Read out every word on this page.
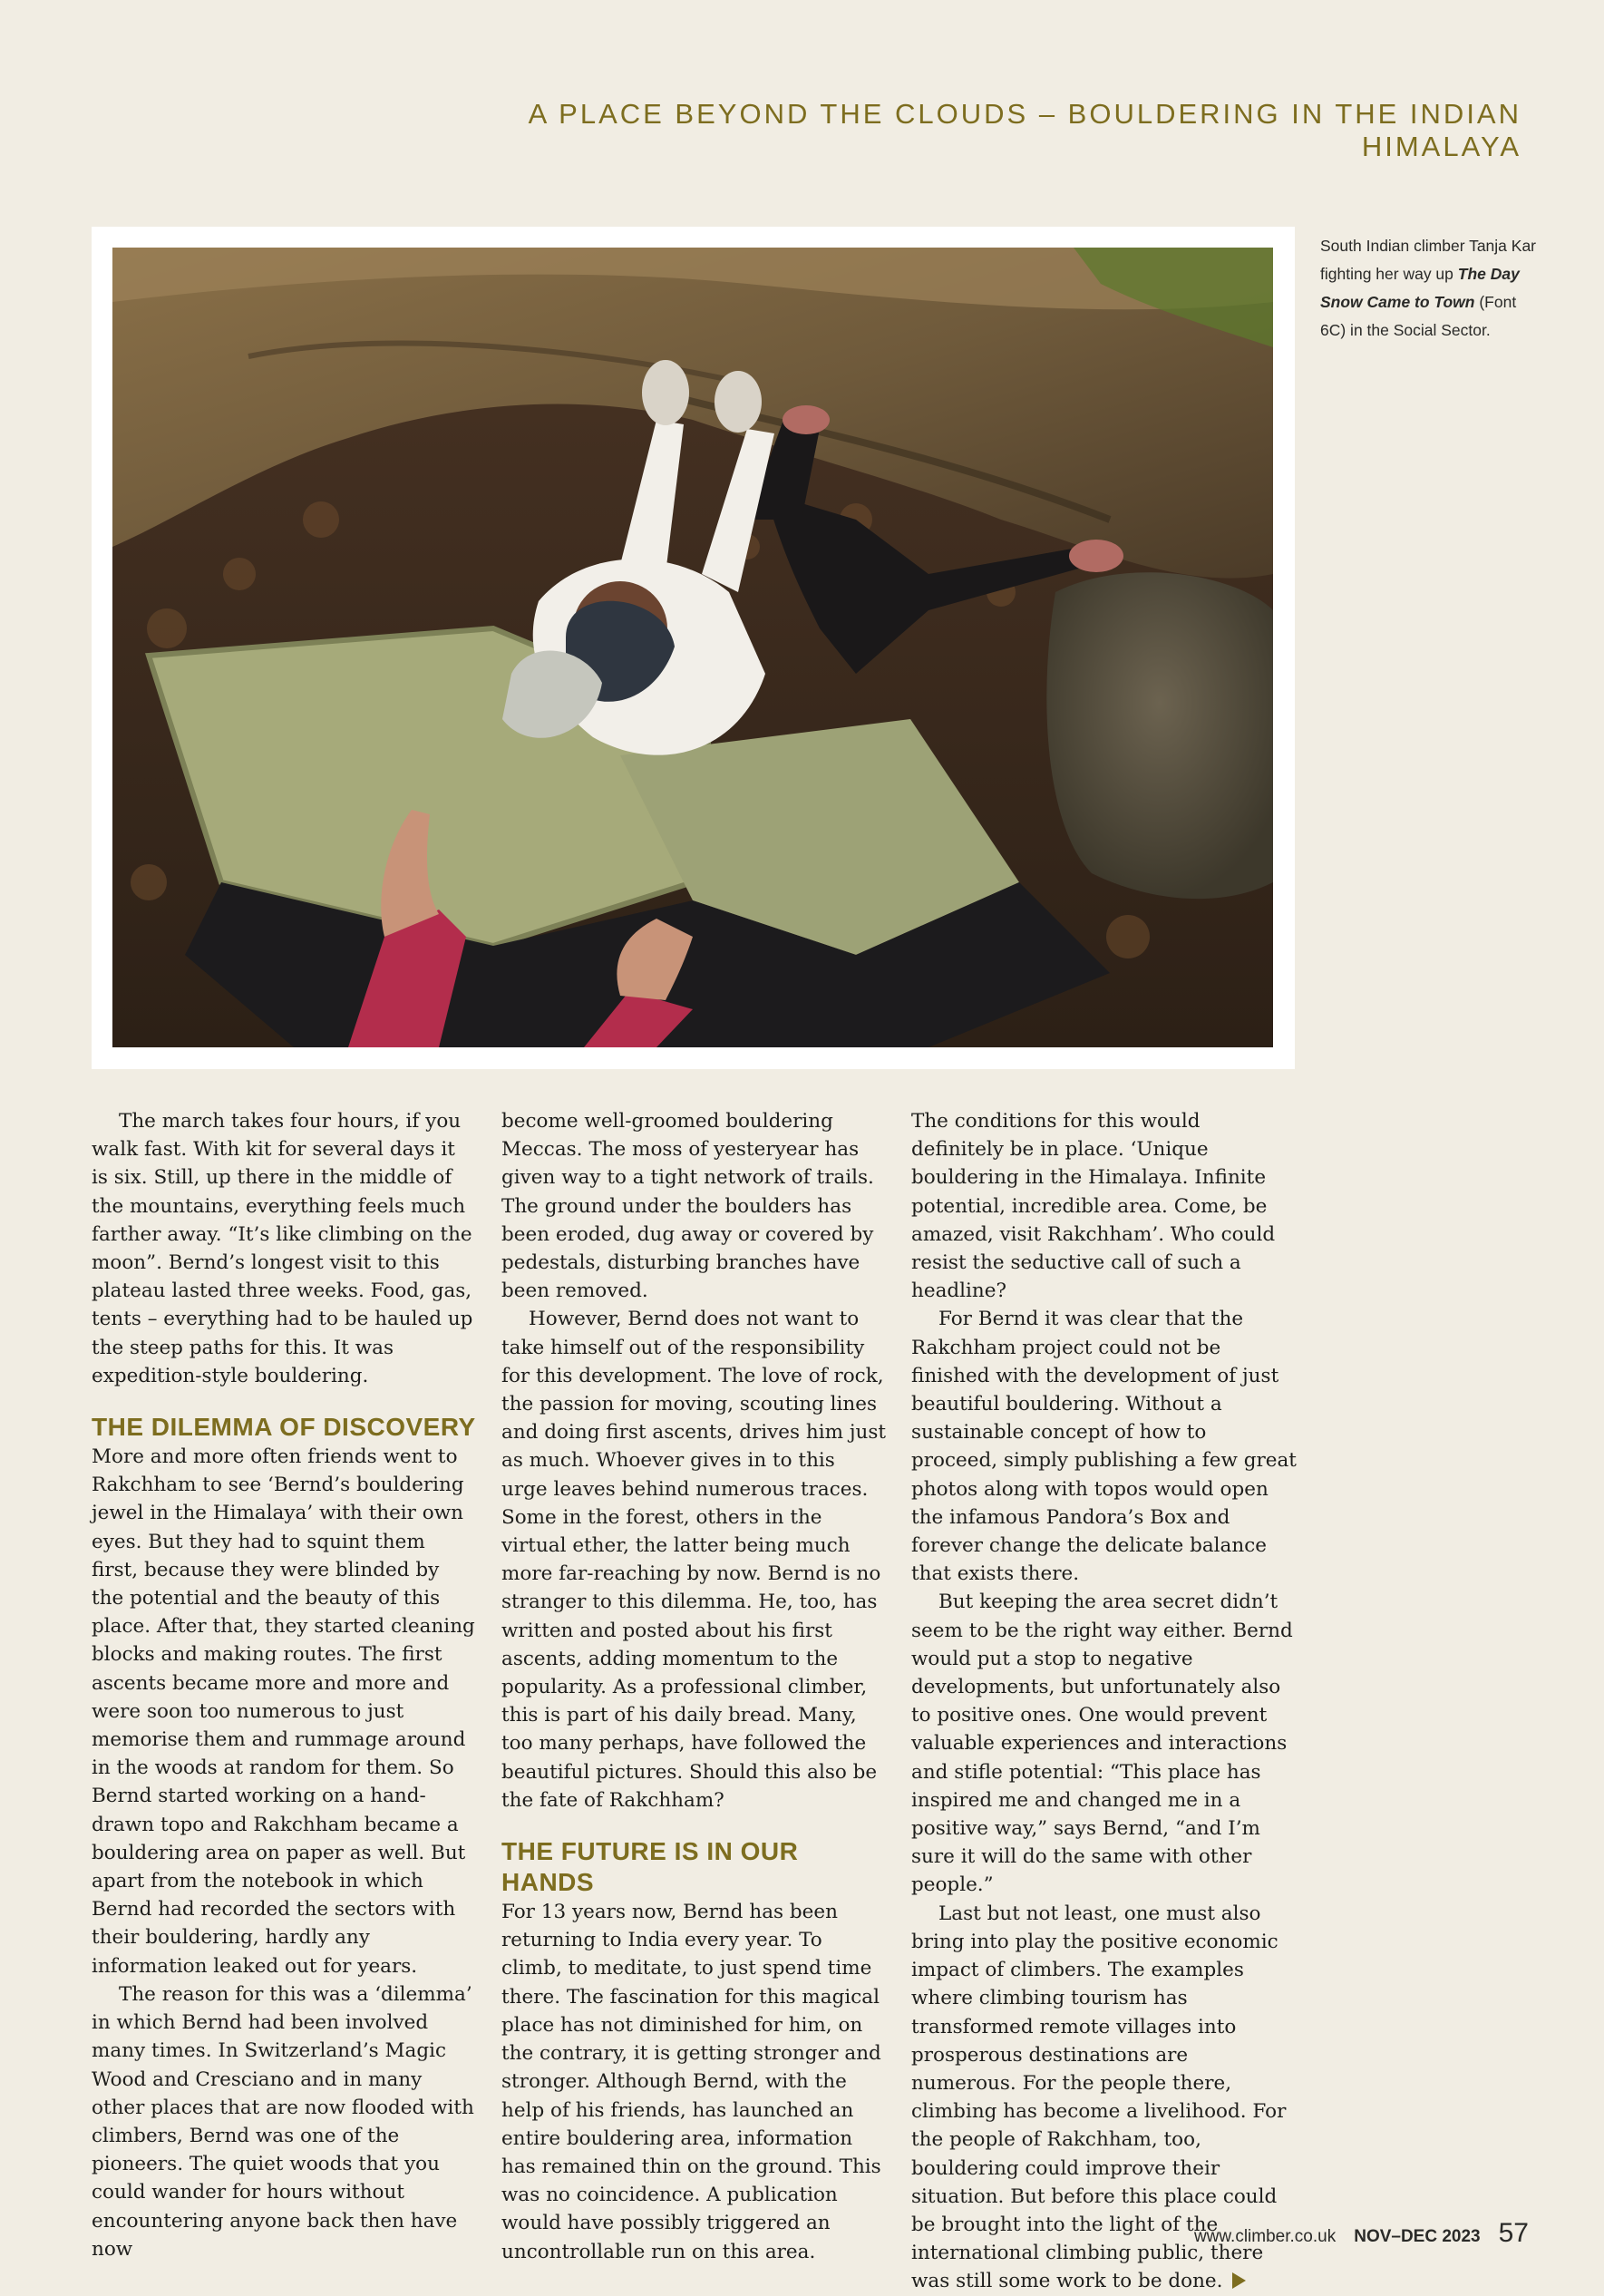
A PLACE BEYOND THE CLOUDS – BOULDERING IN THE INDIAN HIMALAYA
South Indian climber Tanja Kar fighting her way up The Day Snow Came to Town (Font 6C) in the Social Sector.

The march takes four hours, if you walk fast. With kit for several days it is six. Still, up there in the middle of the mountains, everything feels much farther away. “It’s like climbing on the moon”. Bernd’s longest visit to this plateau lasted three weeks. Food, gas, tents – everything had to be hauled up the steep paths for this. It was expedition-style bouldering.

THE DILEMMA OF DISCOVERY

More and more often friends went to Rakchham to see ‘Bernd’s bouldering jewel in the Himalaya’ with their own eyes. But they had to squint them first, because they were blinded by the potential and the beauty of this place. After that, they started cleaning blocks and making routes. The first ascents became more and more and were soon too numerous to just memorise them and rummage around in the woods at random for them. So Bernd started working on a hand-drawn topo and Rakchham became a bouldering area on paper as well. But apart from the notebook in which Bernd had recorded the sectors with their bouldering, hardly any information leaked out for years.

The reason for this was a ‘dilemma’ in which Bernd had been involved many times. In Switzerland’s Magic Wood and Cresciano and in many other places that are now flooded with climbers, Bernd was one of the pioneers. The quiet woods that you could wander for hours without encountering anyone back then have now

become well-groomed bouldering Meccas. The moss of yesteryear has given way to a tight network of trails. The ground under the boulders has been eroded, dug away or covered by pedestals, disturbing branches have been removed.

However, Bernd does not want to take himself out of the responsibility for this development. The love of rock, the passion for moving, scouting lines and doing first ascents, drives him just as much. Whoever gives in to this urge leaves behind numerous traces. Some in the forest, others in the virtual ether, the latter being much more far-reaching by now. Bernd is no stranger to this dilemma. He, too, has written and posted about his first ascents, adding momentum to the popularity. As a professional climber, this is part of his daily bread. Many, too many perhaps, have followed the beautiful pictures. Should this also be the fate of Rakchham?

THE FUTURE IS IN OUR HANDS

For 13 years now, Bernd has been returning to India every year. To climb, to meditate, to just spend time there. The fascination for this magical place has not diminished for him, on the contrary, it is getting stronger and stronger. Although Bernd, with the help of his friends, has launched an entire bouldering area, information has remained thin on the ground. This was no coincidence. A publication would have possibly triggered an uncontrollable run on this area.

The conditions for this would definitely be in place. ‘Unique bouldering in the Himalaya. Infinite potential, incredible area. Come, be amazed, visit Rakchham’. Who could resist the seductive call of such a headline?

For Bernd it was clear that the Rakchham project could not be finished with the development of just beautiful bouldering. Without a sustainable concept of how to proceed, simply publishing a few great photos along with topos would open the infamous Pandora’s Box and forever change the delicate balance that exists there.

But keeping the area secret didn’t seem to be the right way either. Bernd would put a stop to negative developments, but unfortunately also to positive ones. One would prevent valuable experiences and interactions and stifle potential: “This place has inspired me and changed me in a positive way,” says Bernd, “and I’m sure it will do the same with other people.”

Last but not least, one must also bring into play the positive economic impact of climbers. The examples where climbing tourism has transformed remote villages into prosperous destinations are numerous. For the people there, climbing has become a livelihood. For the people of Rakchham, too, bouldering could improve their situation. But before this place could be brought into the light of the international climbing public, there was still some work to be done.

www.climber.co.uk NOV–DEC 2023 57
